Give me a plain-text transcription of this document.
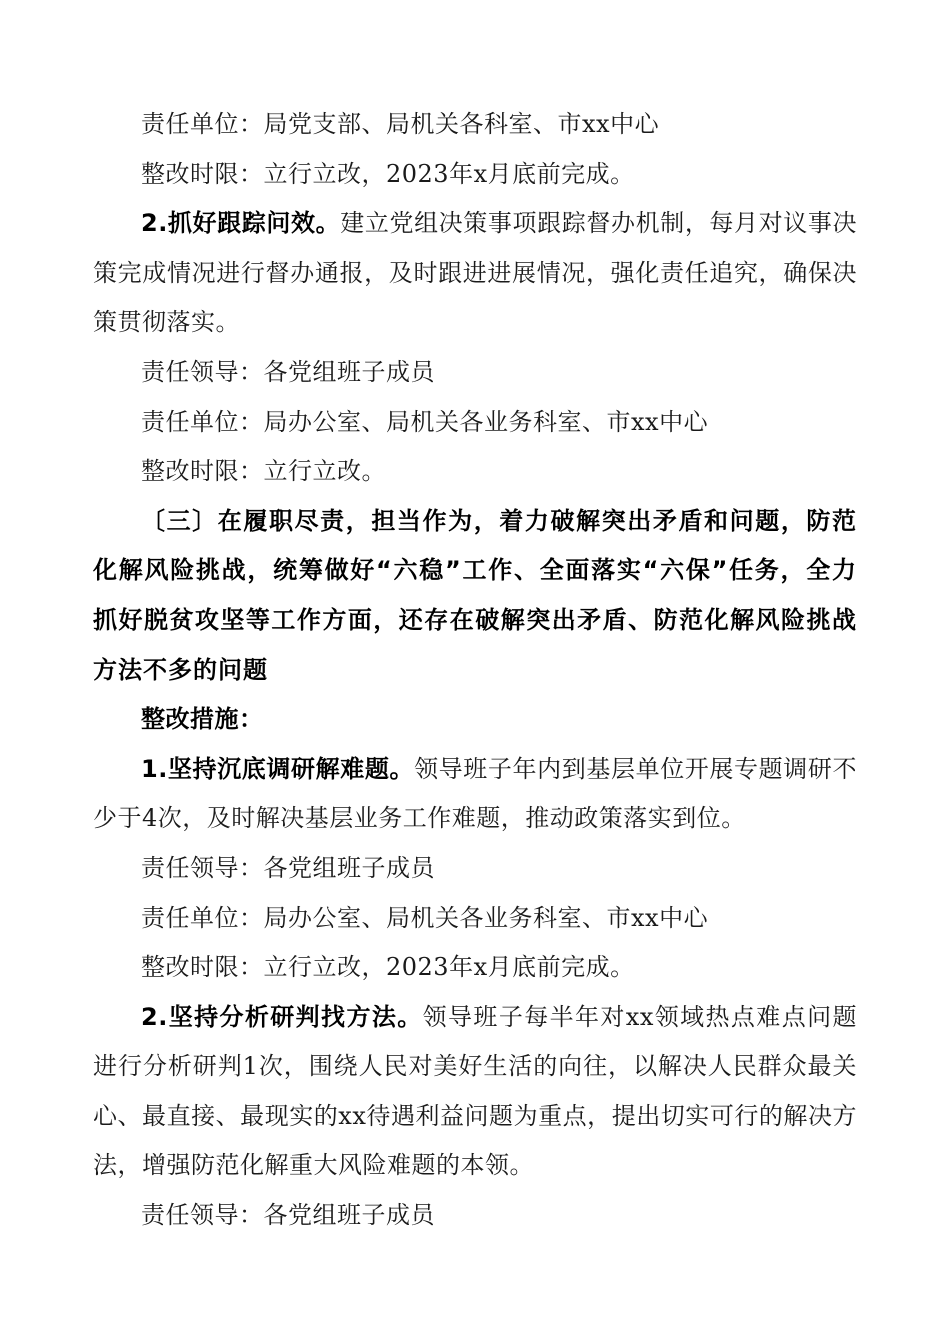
责任单位：局党支部、局机关各科室、市xx中心

整改时限：立行立改，2023年x月底前完成。

2.抓好跟踪问效。建立党组决策事项跟踪督办机制，每月对议事决策完成情况进行督办通报，及时跟进进展情况，强化责任追究，确保决策贯彻落实。

责任领导：各党组班子成员

责任单位：局办公室、局机关各业务科室、市xx中心

整改时限：立行立改。

〔三〕在履职尽责，担当作为，着力破解突出矛盾和问题，防范化解风险挑战，统筹做好“六稳”工作、全面落实“六保”任务，全力抓好脱贫攻坚等工作方面，还存在破解突出矛盾、防范化解风险挑战方法不多的问题

整改措施：

1.坚持沉底调研解难题。领导班子年内到基层单位开展专题调研不少于4次，及时解决基层业务工作难题，推动政策落实到位。

责任领导：各党组班子成员

责任单位：局办公室、局机关各业务科室、市xx中心

整改时限：立行立改，2023年x月底前完成。

2.坚持分析研判找方法。领导班子每半年对xx领域热点难点问题进行分析研判1次，围绕人民对美好生活的向往，以解决人民群众最关心、最直接、最现实的xx待遇利益问题为重点，提出切实可行的解决方法，增强防范化解重大风险难题的本领。

责任领导：各党组班子成员
